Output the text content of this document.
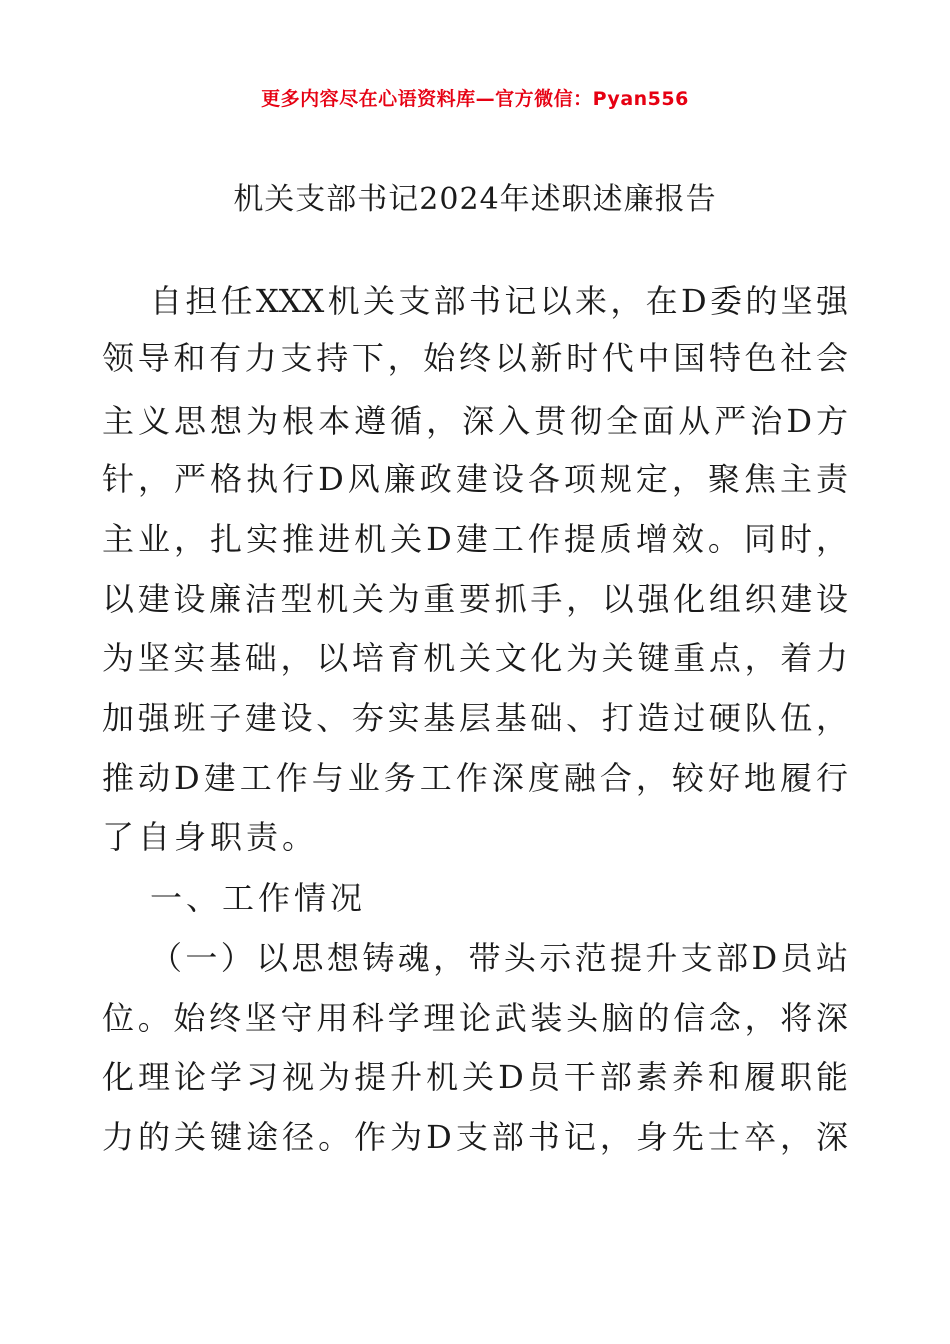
更多内容尽在心语资料库—官方微信：Pyan556
机关支部书记2024年述职述廉报告
自担任XXX机关支部书记以来，在D委的坚强
领导和有力支持下，始终以新时代中国特色社会
主义思想为根本遵循，深入贯彻全面从严治D方
针，严格执行D风廉政建设各项规定，聚焦主责
主业，扎实推进机关D建工作提质增效。同时，
以建设廉洁型机关为重要抓手，以强化组织建设
为坚实基础，以培育机关文化为关键重点，着力
加强班子建设、夯实基层基础、打造过硬队伍，
推动D建工作与业务工作深度融合，较好地履行
了自身职责。
一、工作情况
（一）以思想铸魂，带头示范提升支部D员站
位。始终坚守用科学理论武装头脑的信念，将深
化理论学习视为提升机关D员干部素养和履职能
力的关键途径。作为D支部书记，身先士卒，深
